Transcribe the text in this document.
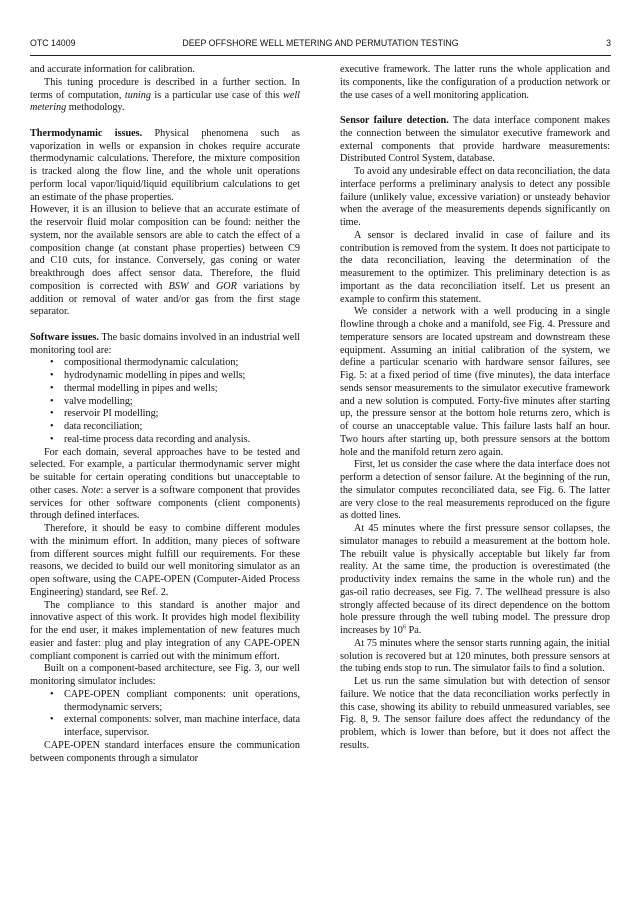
OTC 14009	DEEP OFFSHORE WELL METERING AND PERMUTATION TESTING	3

and accurate information for calibration.

This tuning procedure is described in a further section. In terms of computation, tuning is a particular use case of this well metering methodology.

Thermodynamic issues. Physical phenomena such as vaporization in wells or expansion in chokes require accurate thermodynamic calculations. Therefore, the mixture composition is tracked along the flow line, and the whole unit operations perform local vapor/liquid/liquid equilibrium calculations to get an estimate of the phase properties.

However, it is an illusion to believe that an accurate estimate of the reservoir fluid molar composition can be found: neither the system, nor the available sensors are able to catch the effect of a composition change (at constant phase properties) between C9 and C10 cuts, for instance. Conversely, gas coning or water breakthrough does affect sensor data. Therefore, the fluid composition is corrected with BSW and GOR variations by addition or removal of water and/or gas from the first stage separator.

Software issues. The basic domains involved in an industrial well monitoring tool are:

• compositional thermodynamic calculation;
• hydrodynamic modelling in pipes and wells;
• thermal modelling in pipes and wells;
• valve modelling;
• reservoir PI modelling;
• data reconciliation;
• real-time process data recording and analysis.

For each domain, several approaches have to be tested and selected. For example, a particular thermodynamic server might be suitable for certain operating conditions but unacceptable to other cases. Note: a server is a software component that provides services for other software components (client components) through defined interfaces.

Therefore, it should be easy to combine different modules with the minimum effort. In addition, many pieces of software from different sources might fulfill our requirements. For these reasons, we decided to build our well monitoring simulator as an open software, using the CAPE-OPEN (Computer-Aided Process Engineering) standard, see Ref. 2.

The compliance to this standard is another major and innovative aspect of this work. It provides high model flexibility for the end user, it makes implementation of new features much easier and faster: plug and play integration of any CAPE-OPEN compliant component is carried out with the minimum effort.

Built on a component-based architecture, see Fig. 3, our well monitoring simulator includes:

• CAPE-OPEN compliant components: unit operations, thermodynamic servers;
• external components: solver, man machine interface, data interface, supervisor.

CAPE-OPEN standard interfaces ensure the communication between components through a simulator

executive framework. The latter runs the whole application and its components, like the configuration of a production network or the use cases of a well monitoring application.

Sensor failure detection. The data interface component makes the connection between the simulator executive framework and external components that provide hardware measurements: Distributed Control System, database.

To avoid any undesirable effect on data reconciliation, the data interface performs a preliminary analysis to detect any possible failure (unlikely value, excessive variation) or unsteady behavior when the average of the measurements depends significantly on time.

A sensor is declared invalid in case of failure and its contribution is removed from the system. It does not participate to the data reconciliation, leaving the determination of the measurement to the optimizer. This preliminary detection is as important as the data reconciliation itself. Let us present an example to confirm this statement.

We consider a network with a well producing in a single flowline through a choke and a manifold, see Fig. 4. Pressure and temperature sensors are located upstream and downstream these equipment. Assuming an initial calibration of the system, we define a particular scenario with hardware sensor failures, see Fig. 5: at a fixed period of time (five minutes), the data interface sends sensor measurements to the simulator executive framework and a new solution is computed. Forty-five minutes after starting up, the pressure sensor at the bottom hole returns zero, which is of course an unacceptable value. This failure lasts half an hour. Two hours after starting up, both pressure sensors at the bottom hole and the manifold return zero again.

First, let us consider the case where the data interface does not perform a detection of sensor failure. At the beginning of the run, the simulator computes reconciliated data, see Fig. 6. The latter are very close to the real measurements reproduced on the figure as dotted lines.

At 45 minutes where the first pressure sensor collapses, the simulator manages to rebuild a measurement at the bottom hole. The rebuilt value is physically acceptable but likely far from reality. At the same time, the production is overestimated (the productivity index remains the same in the whole run) and the gas-oil ratio decreases, see Fig. 7. The wellhead pressure is also strongly affected because of its direct dependence on the bottom hole pressure through the well tubing model. The pressure drop increases by $10^6$ Pa.

At 75 minutes where the sensor starts running again, the initial solution is recovered but at 120 minutes, both pressure sensors at the tubing ends stop to run. The simulator fails to find a solution.

Let us run the same simulation but with detection of sensor failure. We notice that the data reconciliation works perfectly in this case, showing its ability to rebuild unmeasured variables, see Fig. 8, 9. The sensor failure does affect the redundancy of the problem, which is lower than before, but it does not affect the results.
